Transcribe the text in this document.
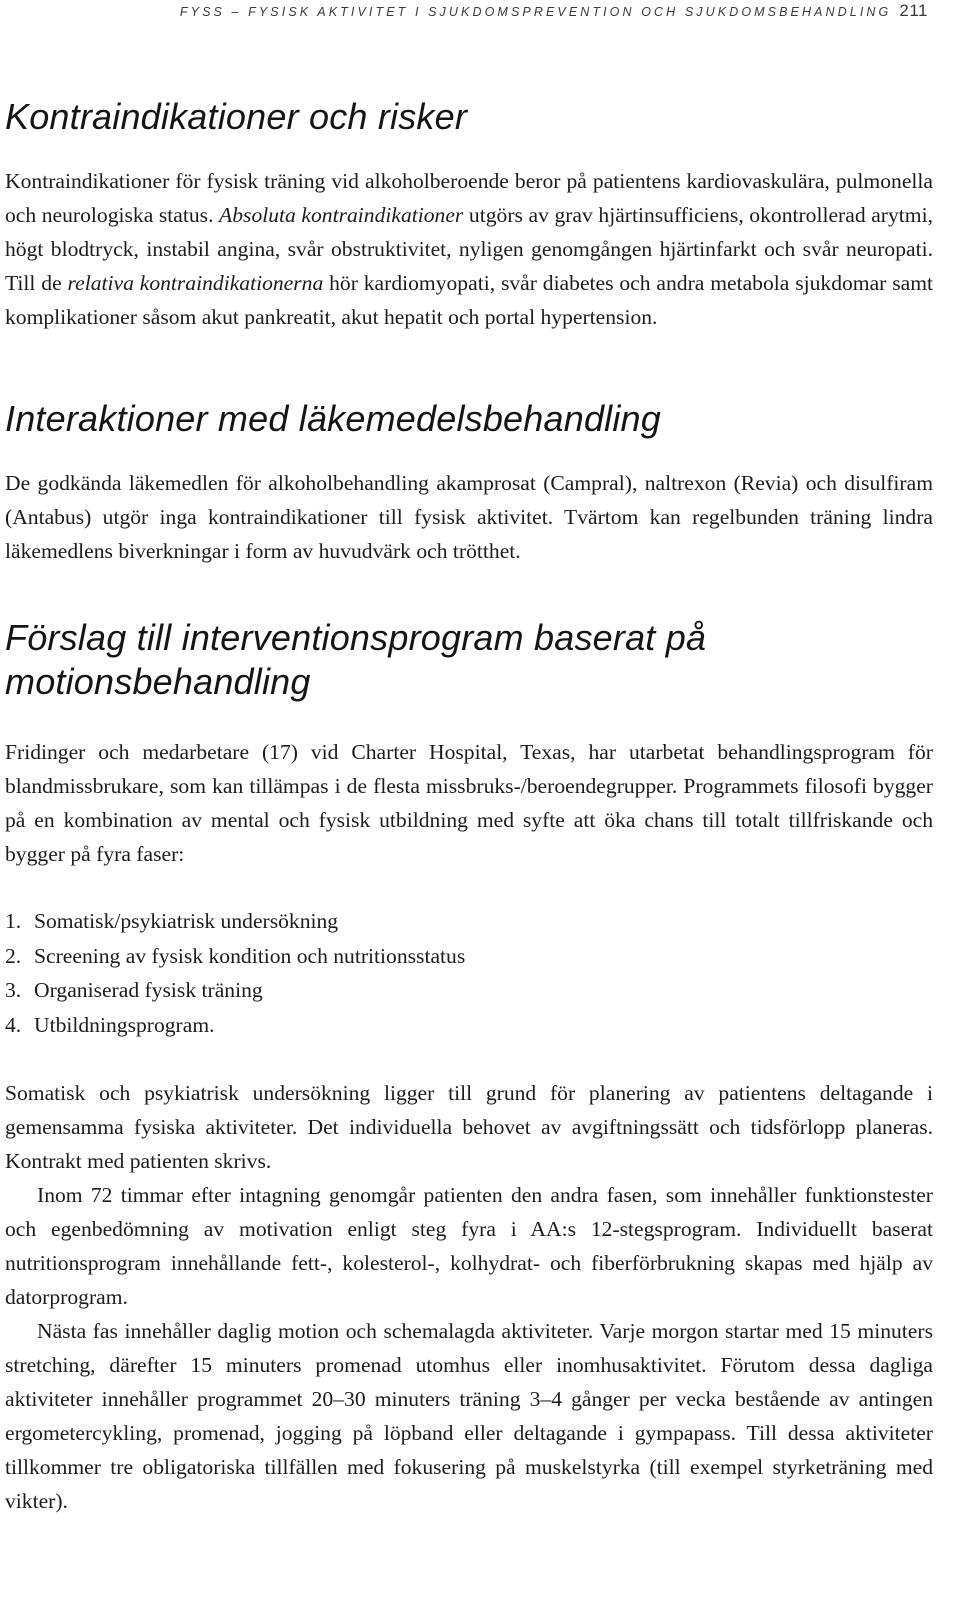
FYSS – FYSISK AKTIVITET I SJUKDOMSPREVENTION OCH SJUKDOMSBEHANDLING 211
Kontraindikationer och risker

Kontraindikationer för fysisk träning vid alkoholberoende beror på patientens kardiovaskulära, pulmonella och neurologiska status. Absoluta kontraindikationer utgörs av grav hjärtinsufficiens, okontrollerad arytmi, högt blodtryck, instabil angina, svår obstruktivitet, nyligen genomgången hjärtinfarkt och svår neuropati. Till de relativa kontraindikationerna hör kardiomyopati, svår diabetes och andra metabola sjukdomar samt komplikationer såsom akut pankreatit, akut hepatit och portal hypertension.

Interaktioner med läkemedelsbehandling

De godkända läkemedlen för alkoholbehandling akamprosat (Campral), naltrexon (Revia) och disulfiram (Antabus) utgör inga kontraindikationer till fysisk aktivitet. Tvärtom kan regelbunden träning lindra läkemedlens biverkningar i form av huvudvärk och trötthet.

Förslag till interventionsprogram baserat på motionsbehandling

Fridinger och medarbetare (17) vid Charter Hospital, Texas, har utarbetat behandlingsprogram för blandmissbrukare, som kan tillämpas i de flesta missbruks-/beroendegrupper. Programmets filosofi bygger på en kombination av mental och fysisk utbildning med syfte att öka chans till totalt tillfriskande och bygger på fyra faser:

1. Somatisk/psykiatrisk undersökning
2. Screening av fysisk kondition och nutritionsstatus
3. Organiserad fysisk träning
4. Utbildningsprogram.

Somatisk och psykiatrisk undersökning ligger till grund för planering av patientens deltagande i gemensamma fysiska aktiviteter. Det individuella behovet av avgiftningssätt och tidsförlopp planeras. Kontrakt med patienten skrivs.

Inom 72 timmar efter intagning genomgår patienten den andra fasen, som innehåller funktionstester och egenbedömning av motivation enligt steg fyra i AA:s 12-stegsprogram. Individuellt baserat nutritionsprogram innehållande fett-, kolesterol-, kolhydrat- och fiberförbrukning skapas med hjälp av datorprogram.

Nästa fas innehåller daglig motion och schemalagda aktiviteter. Varje morgon startar med 15 minuters stretching, därefter 15 minuters promenad utomhus eller inomhusaktivitet. Förutom dessa dagliga aktiviteter innehåller programmet 20–30 minuters träning 3–4 gånger per vecka bestående av antingen ergometercykling, promenad, jogging på löpband eller deltagande i gympapass. Till dessa aktiviteter tillkommer tre obligatoriska tillfällen med fokusering på muskelstyrka (till exempel styrketräning med vikter).
